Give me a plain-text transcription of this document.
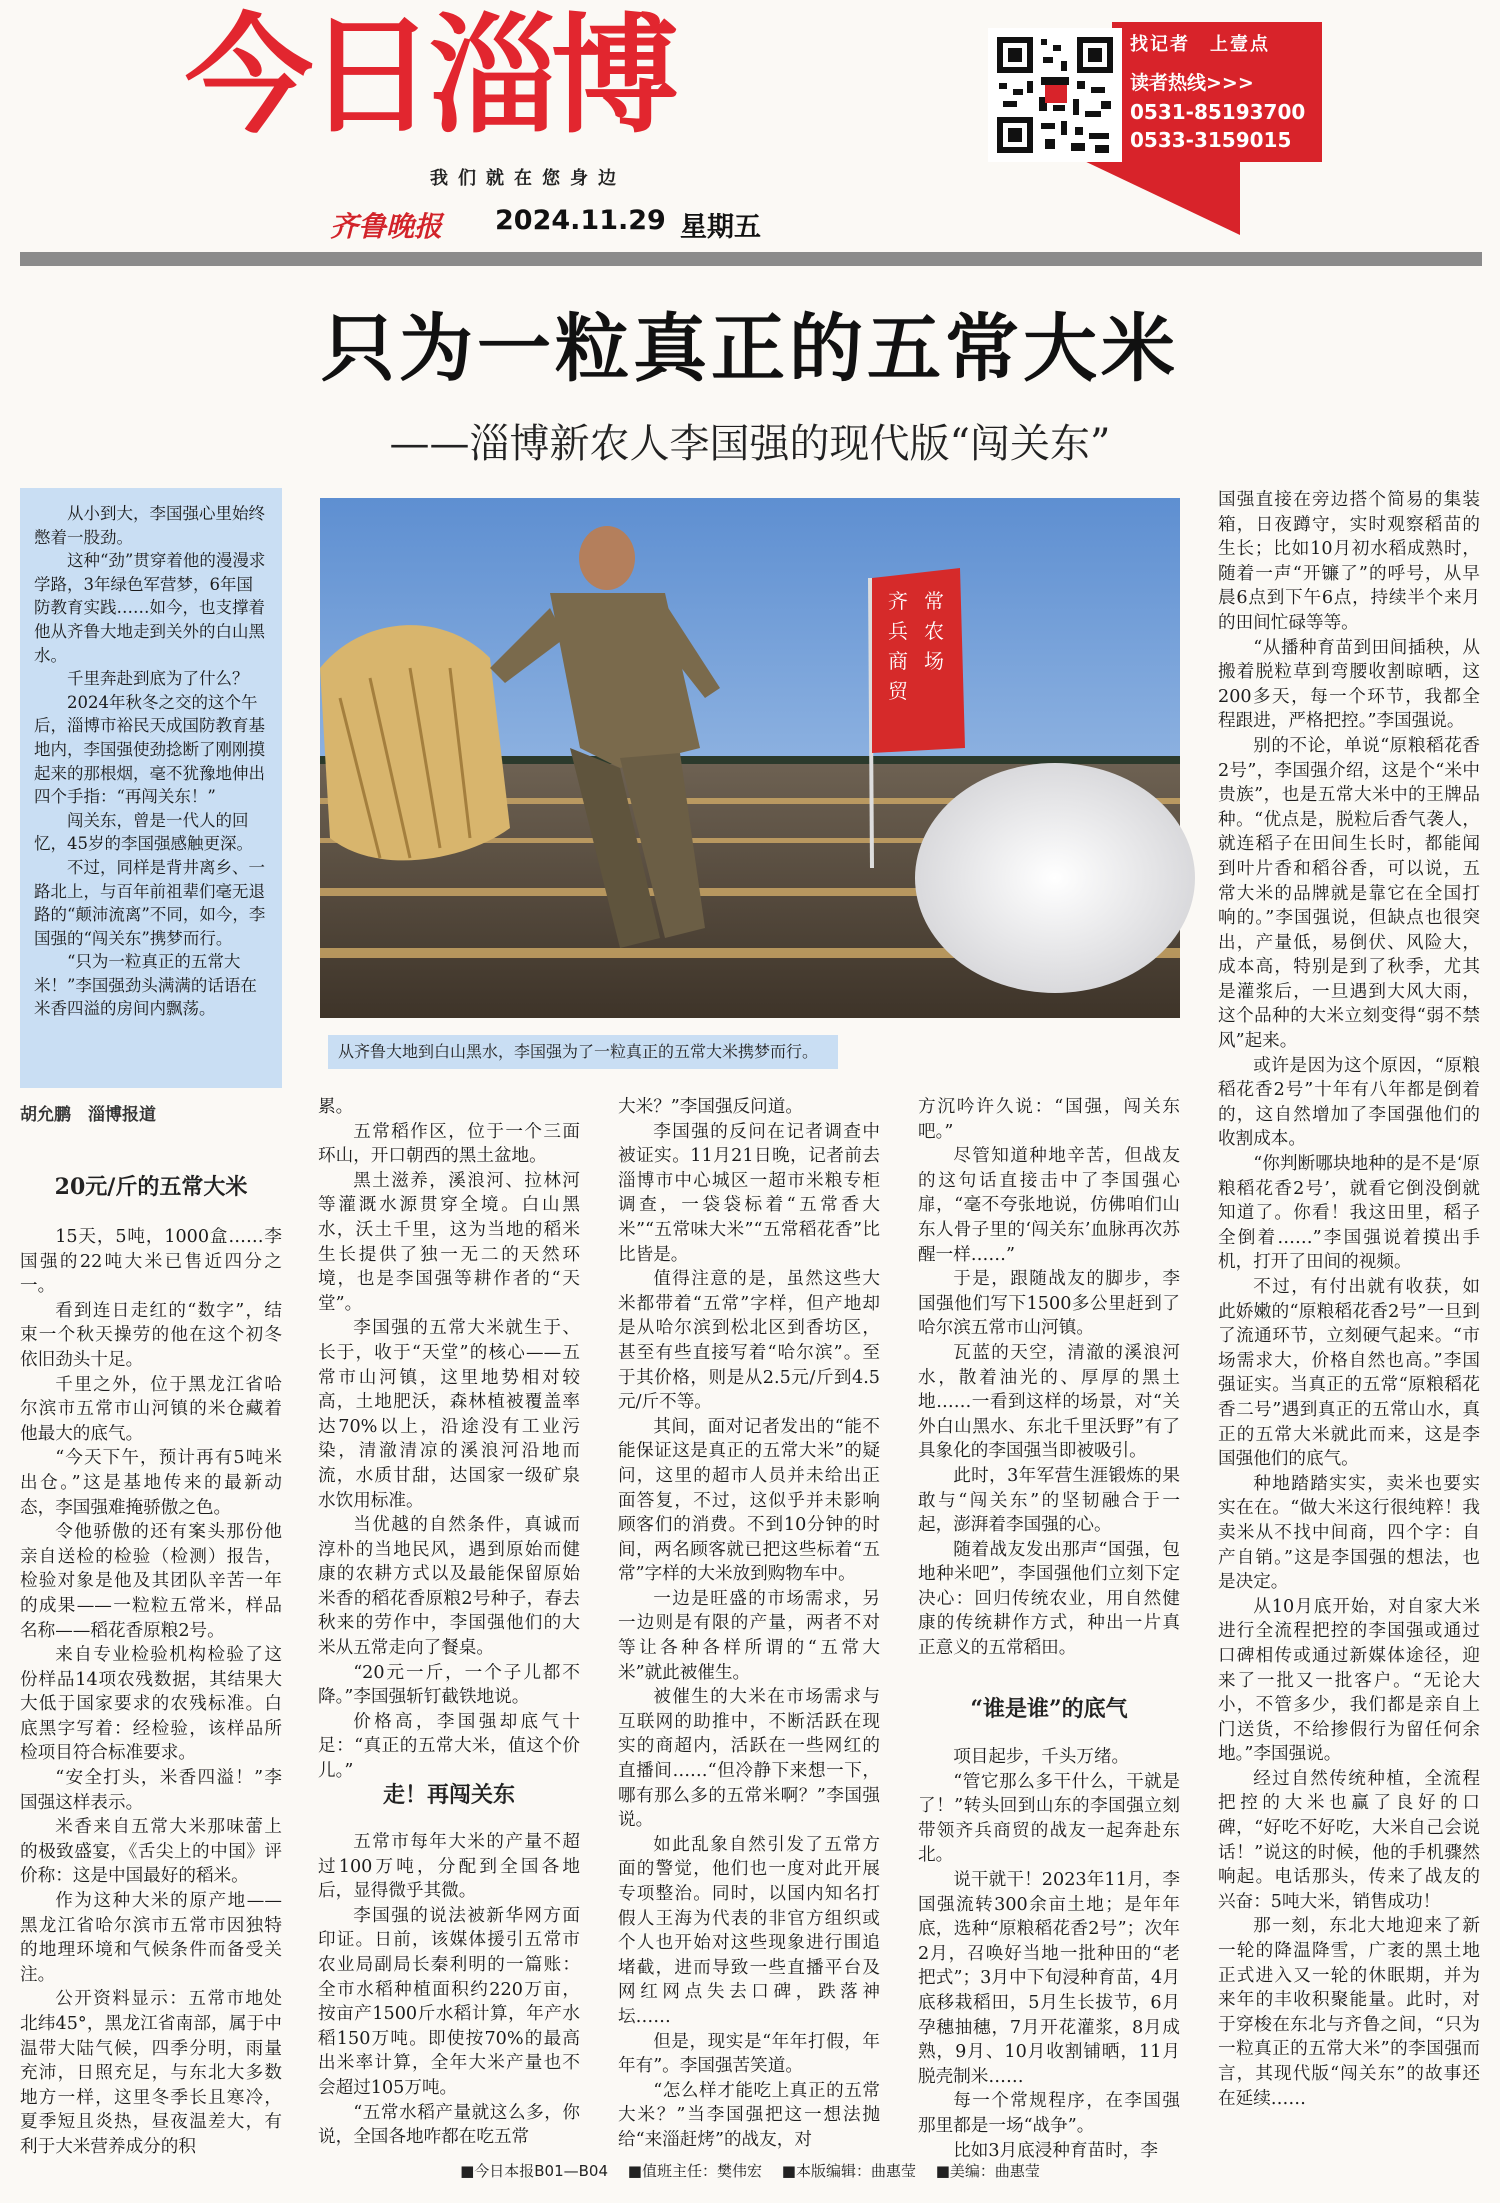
今日淄博
我们就在您身边
齐鲁晚报 2024.11.29 星期五
找记者　上壹点
读者热线>>>
0531-85193700
0533-3159015
只为一粒真正的五常大米
——淄博新农人李国强的现代版“闯关东”

从小到大，李国强心里始终憋着一股劲。

这种“劲”贯穿着他的漫漫求学路，3年绿色军营梦，6年国防教育实践……如今，也支撑着他从齐鲁大地走到关外的白山黑水。

千里奔赴到底为了什么？

2024年秋冬之交的这个午后，淄博市裕民天成国防教育基地内，李国强使劲捻断了刚刚摸起来的那根烟，毫不犹豫地伸出四个手指：“再闯关东！”

闯关东，曾是一代人的回忆，45岁的李国强感触更深。

不过，同样是背井离乡、一路北上，与百年前祖辈们毫无退路的“颠沛流离”不同，如今，李国强的“闯关东”携梦而行。

“只为一粒真正的五常大米！”李国强劲头满满的话语在米香四溢的房间内飘荡。

齐
兵
常
农
商
贸
场
从齐鲁大地到白山黑水，李国强为了一粒真正的五常大米携梦而行。
胡允鹏　淄博报道
20元/斤的五常大米

15天，5吨，1000盒……李国强的22吨大米已售近四分之一。

看到连日走红的“数字”，结束一个秋天操劳的他在这个初冬依旧劲头十足。

千里之外，位于黑龙江省哈尔滨市五常市山河镇的米仓藏着他最大的底气。

“今天下午，预计再有5吨米出仓。”这是基地传来的最新动态，李国强难掩骄傲之色。

令他骄傲的还有案头那份他亲自送检的检验（检测）报告，检验对象是他及其团队辛苦一年的成果——一粒粒五常米，样品名称——稻花香原粮2号。

来自专业检验机构检验了这份样品14项农残数据，其结果大大低于国家要求的农残标准。白底黑字写着：经检验，该样品所检项目符合标准要求。

“安全打头，米香四溢！”李国强这样表示。

米香来自五常大米那味蕾上的极致盛宴，《舌尖上的中国》评价称：这是中国最好的稻米。

作为这种大米的原产地——黑龙江省哈尔滨市五常市因独特的地理环境和气候条件而备受关注。

公开资料显示：五常市地处北纬45°，黑龙江省南部，属于中温带大陆气候，四季分明，雨量充沛，日照充足，与东北大多数地方一样，这里冬季长且寒冷，夏季短且炎热，昼夜温差大，有利于大米营养成分的积

累。

五常稻作区，位于一个三面环山，开口朝西的黑土盆地。

黑土滋养，溪浪河、拉林河等灌溉水源贯穿全境。白山黑水，沃土千里，这为当地的稻米生长提供了独一无二的天然环境，也是李国强等耕作者的“天堂”。

李国强的五常大米就生于、长于，收于“天堂”的核心——五常市山河镇，这里地势相对较高，土地肥沃，森林植被覆盖率达70%以上，沿途没有工业污染，清澈清凉的溪浪河沿地而流，水质甘甜，达国家一级矿泉水饮用标准。

当优越的自然条件，真诚而淳朴的当地民风，遇到原始而健康的农耕方式以及最能保留原始米香的稻花香原粮2号种子，春去秋来的劳作中，李国强他们的大米从五常走向了餐桌。

“20元一斤，一个子儿都不降。”李国强斩钉截铁地说。

价格高，李国强却底气十足：“真正的五常大米，值这个价儿。”

走！再闯关东

五常市每年大米的产量不超过100万吨，分配到全国各地后，显得微乎其微。

李国强的说法被新华网方面印证。日前，该媒体援引五常市农业局副局长秦利明的一篇账：全市水稻种植面积约220万亩，按亩产1500斤水稻计算，年产水稻150万吨。即使按70%的最高出米率计算，全年大米产量也不会超过105万吨。

“五常水稻产量就这么多，你说，全国各地咋都在吃五常

大米？”李国强反问道。

李国强的反问在记者调查中被证实。11月21日晚，记者前去淄博市中心城区一超市米粮专柜调查，一袋袋标着“五常香大米”“五常味大米”“五常稻花香”比比皆是。

值得注意的是，虽然这些大米都带着“五常”字样，但产地却是从哈尔滨到松北区到香坊区，甚至有些直接写着“哈尔滨”。至于其价格，则是从2.5元/斤到4.5元/斤不等。

其间，面对记者发出的“能不能保证这是真正的五常大米”的疑问，这里的超市人员并未给出正面答复，不过，这似乎并未影响顾客们的消费。不到10分钟的时间，两名顾客就已把这些标着“五常”字样的大米放到购物车中。

一边是旺盛的市场需求，另一边则是有限的产量，两者不对等让各种各样所谓的“五常大米”就此被催生。

被催生的大米在市场需求与互联网的助推中，不断活跃在现实的商超内，活跃在一些网红的直播间……“但冷静下来想一下，哪有那么多的五常米啊？”李国强说。

如此乱象自然引发了五常方面的警觉，他们也一度对此开展专项整治。同时，以国内知名打假人王海为代表的非官方组织或个人也开始对这些现象进行围追堵截，进而导致一些直播平台及网红网点失去口碑，跌落神坛……

但是，现实是“年年打假，年年有”。李国强苦笑道。

“怎么样才能吃上真正的五常大米？”当李国强把这一想法抛给“来淄赶烤”的战友，对

方沉吟许久说：“国强，闯关东吧。”

尽管知道种地辛苦，但战友的这句话直接击中了李国强心扉，“毫不夸张地说，仿佛咱们山东人骨子里的‘闯关东’血脉再次苏醒一样……”

于是，跟随战友的脚步，李国强他们写下1500多公里赶到了哈尔滨五常市山河镇。

瓦蓝的天空，清澈的溪浪河水，散着油光的、厚厚的黑土地……一看到这样的场景，对“关外白山黑水、东北千里沃野”有了具象化的李国强当即被吸引。

此时，3年军营生涯锻炼的果敢与“闯关东”的坚韧融合于一起，澎湃着李国强的心。

随着战友发出那声“国强，包地种米吧”，李国强他们立刻下定决心：回归传统农业，用自然健康的传统耕作方式，种出一片真正意义的五常稻田。

“谁是谁”的底气

项目起步，千头万绪。

“管它那么多干什么，干就是了！”转头回到山东的李国强立刻带领齐兵商贸的战友一起奔赴东北。

说干就干！2023年11月，李国强流转300余亩土地；是年年底，选种“原粮稻花香2号”；次年2月，召唤好当地一批种田的“老把式”；3月中下旬浸种育苗，4月底移栽稻田，5月生长拔节，6月孕穗抽穗，7月开花灌浆，8月成熟，9月、10月收割铺晒，11月脱壳制米……

每一个常规程序，在李国强那里都是一场“战争”。

比如3月底浸种育苗时，李

国强直接在旁边搭个简易的集装箱，日夜蹲守，实时观察稻苗的生长；比如10月初水稻成熟时，随着一声“开镰了”的呼号，从早晨6点到下午6点，持续半个来月的田间忙碌等等。

“从播种育苗到田间插秧，从搬着脱粒草到弯腰收割晾晒，这200多天，每一个环节，我都全程跟进，严格把控。”李国强说。

别的不论，单说“原粮稻花香2号”，李国强介绍，这是个“米中贵族”，也是五常大米中的王牌品种。“优点是，脱粒后香气袭人，就连稻子在田间生长时，都能闻到叶片香和稻谷香，可以说，五常大米的品牌就是靠它在全国打响的。”李国强说，但缺点也很突出，产量低，易倒伏、风险大，成本高，特别是到了秋季，尤其是灌浆后，一旦遇到大风大雨，这个品种的大米立刻变得“弱不禁风”起来。

或许是因为这个原因，“原粮稻花香2号”十年有八年都是倒着的，这自然增加了李国强他们的收割成本。

“你判断哪块地种的是不是‘原粮稻花香2号’，就看它倒没倒就知道了。你看！我这田里，稻子全倒着……”李国强说着摸出手机，打开了田间的视频。

不过，有付出就有收获，如此娇嫩的“原粮稻花香2号”一旦到了流通环节，立刻硬气起来。“市场需求大，价格自然也高。”李国强证实。当真正的五常“原粮稻花香二号”遇到真正的五常山水，真正的五常大米就此而来，这是李国强他们的底气。

种地踏踏实实，卖米也要实实在在。“做大米这行很纯粹！我卖米从不找中间商，四个字：自产自销。”这是李国强的想法，也是决定。

从10月底开始，对自家大米进行全流程把控的李国强或通过口碑相传或通过新媒体途径，迎来了一批又一批客户。“无论大小，不管多少，我们都是亲自上门送货，不给掺假行为留任何余地。”李国强说。

经过自然传统种植，全流程把控的大米也赢了良好的口碑，“好吃不好吃，大米自己会说话！”说这的时候，他的手机骤然响起。电话那头，传来了战友的兴奋：5吨大米，销售成功！

那一刻，东北大地迎来了新一轮的降温降雪，广袤的黑土地正式进入又一轮的休眠期，并为来年的丰收积聚能量。此时，对于穿梭在东北与齐鲁之间，“只为一粒真正的五常大米”的李国强而言，其现代版“闯关东”的故事还在延续……

■今日本报B01—B04　 ■值班主任：樊伟宏　 ■本版编辑：曲惠莹　 ■美编：曲惠莹
